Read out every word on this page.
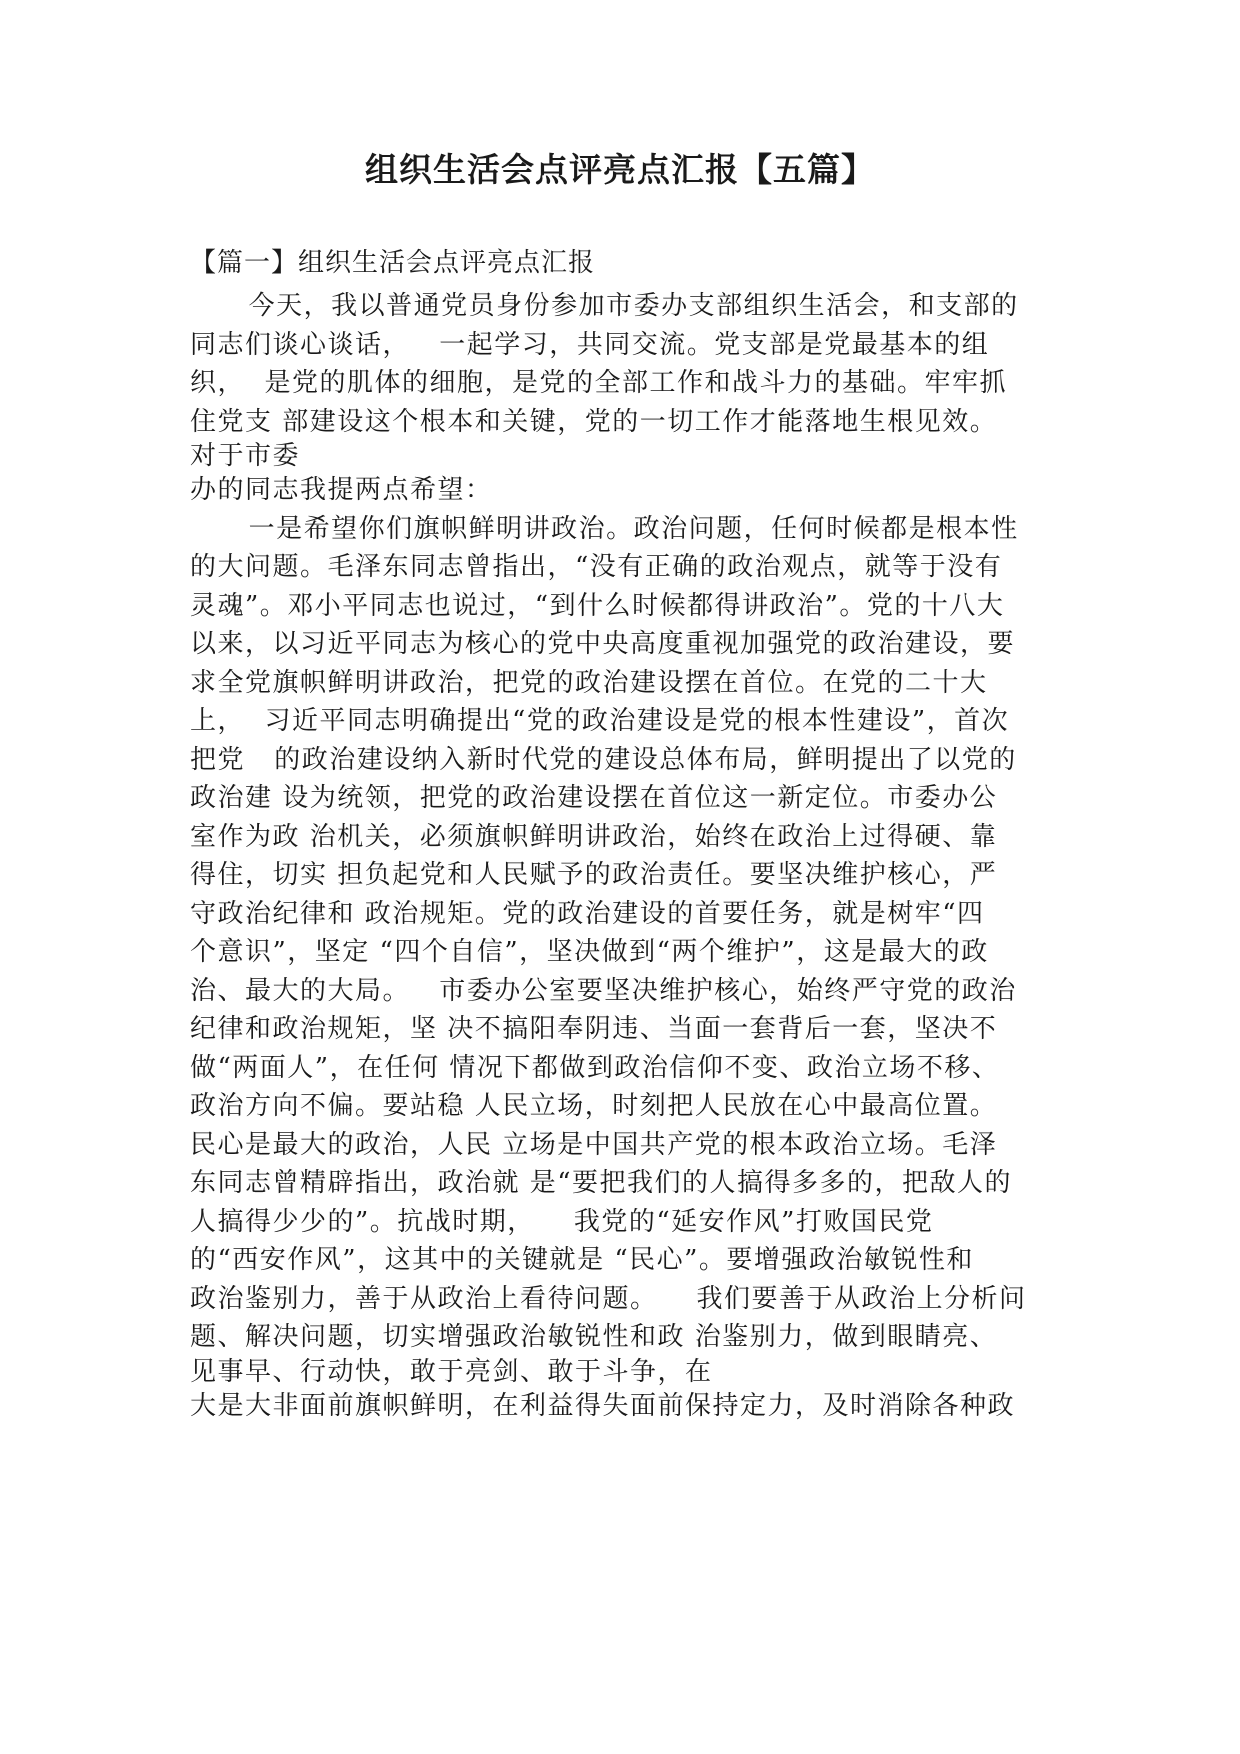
组织生活会点评亮点汇报【五篇】

【篇一】组织生活会点评亮点汇报

今天，我以普通党员身份参加市委办支部组织生活会，和支部的
同志们谈心谈话，   一起学习，共同交流。党支部是党最基本的组
织，  是党的肌体的细胞，是党的全部工作和战斗力的基础。牢牢抓
住党支 部建设这个根本和关键，党的一切工作才能落地生根见效。
对于市委
办的同志我提两点希望：
一是希望你们旗帜鲜明讲政治。政治问题，任何时候都是根本性
的大问题。毛泽东同志曾指出，“没有正确的政治观点，就等于没有
灵魂”。邓小平同志也说过，“到什么时候都得讲政治”。党的十八大
以来，以习近平同志为核心的党中央高度重视加强党的政治建设，要
求全党旗帜鲜明讲政治，把党的政治建设摆在首位。在党的二十大
上，  习近平同志明确提出“党的政治建设是党的根本性建设”，首次
把党   的政治建设纳入新时代党的建设总体布局，鲜明提出了以党的
政治建 设为统领，把党的政治建设摆在首位这一新定位。市委办公
室作为政 治机关，必须旗帜鲜明讲政治，始终在政治上过得硬、靠
得住，切实 担负起党和人民赋予的政治责任。要坚决维护核心，严
守政治纪律和 政治规矩。党的政治建设的首要任务，就是树牢“四
个意识”，坚定 “四个自信”，坚决做到“两个维护”，这是最大的政
治、最大的大局。   市委办公室要坚决维护核心，始终严守党的政治
纪律和政治规矩，坚 决不搞阳奉阴违、当面一套背后一套，坚决不
做“两面人”，在任何 情况下都做到政治信仰不变、政治立场不移、
政治方向不偏。要站稳 人民立场，时刻把人民放在心中最高位置。
民心是最大的政治，人民 立场是中国共产党的根本政治立场。毛泽
东同志曾精辟指出，政治就 是“要把我们的人搞得多多的，把敌人的
人搞得少少的”。抗战时期，    我党的“延安作风”打败国民党
的“西安作风”，这其中的关键就是 “民心”。要增强政治敏锐性和
政治鉴别力，善于从政治上看待问题。    我们要善于从政治上分析问
题、解决问题，切实增强政治敏锐性和政 治鉴别力，做到眼睛亮、
见事早、行动快，敢于亮剑、敢于斗争，在
大是大非面前旗帜鲜明，在利益得失面前保持定力，及时消除各种政
